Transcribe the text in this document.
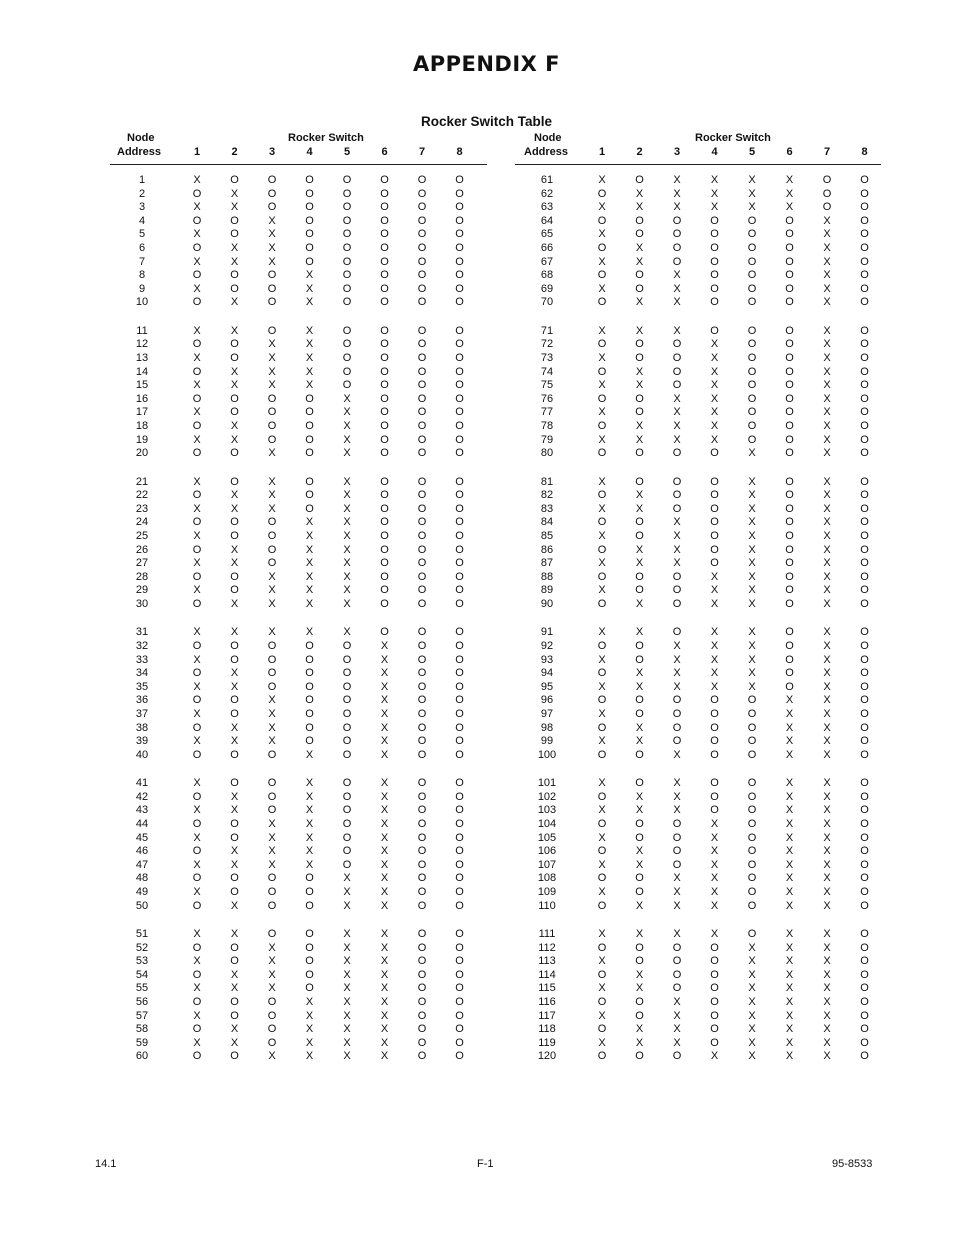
APPENDIX F
Rocker Switch Table
Node
Address
Rocker Switch
1	2	3	4	5	6	7	8
1	X	O	O	O	O	O	O	O
2	O	X	O	O	O	O	O	O
3	X	X	O	O	O	O	O	O
4	O	O	X	O	O	O	O	O
5	X	O	X	O	O	O	O	O
6	O	X	X	O	O	O	O	O
7	X	X	X	O	O	O	O	O
8	O	O	O	X	O	O	O	O
9	X	O	O	X	O	O	O	O
10	O	X	O	X	O	O	O	O
11	X	X	O	X	O	O	O	O
12	O	O	X	X	O	O	O	O
13	X	O	X	X	O	O	O	O
14	O	X	X	X	O	O	O	O
15	X	X	X	X	O	O	O	O
16	O	O	O	O	X	O	O	O
17	X	O	O	O	X	O	O	O
18	O	X	O	O	X	O	O	O
19	X	X	O	O	X	O	O	O
20	O	O	X	O	X	O	O	O
21	X	O	X	O	X	O	O	O
22	O	X	X	O	X	O	O	O
23	X	X	X	O	X	O	O	O
24	O	O	O	X	X	O	O	O
25	X	O	O	X	X	O	O	O
26	O	X	O	X	X	O	O	O
27	X	X	O	X	X	O	O	O
28	O	O	X	X	X	O	O	O
29	X	O	X	X	X	O	O	O
30	O	X	X	X	X	O	O	O
31	X	X	X	X	X	O	O	O
32	O	O	O	O	O	X	O	O
33	X	O	O	O	O	X	O	O
34	O	X	O	O	O	X	O	O
35	X	X	O	O	O	X	O	O
36	O	O	X	O	O	X	O	O
37	X	O	X	O	O	X	O	O
38	O	X	X	O	O	X	O	O
39	X	X	X	O	O	X	O	O
40	O	O	O	X	O	X	O	O
41	X	O	O	X	O	X	O	O
42	O	X	O	X	O	X	O	O
43	X	X	O	X	O	X	O	O
44	O	O	X	X	O	X	O	O
45	X	O	X	X	O	X	O	O
46	O	X	X	X	O	X	O	O
47	X	X	X	X	O	X	O	O
48	O	O	O	O	X	X	O	O
49	X	O	O	O	X	X	O	O
50	O	X	O	O	X	X	O	O
51	X	X	O	O	X	X	O	O
52	O	O	X	O	X	X	O	O
53	X	O	X	O	X	X	O	O
54	O	X	X	O	X	X	O	O
55	X	X	X	O	X	X	O	O
56	O	O	O	X	X	X	O	O
57	X	O	O	X	X	X	O	O
58	O	X	O	X	X	X	O	O
59	X	X	O	X	X	X	O	O
60	O	O	X	X	X	X	O	O
Node
Address
Rocker Switch
1	2	3	4	5	6	7	8
61	X	O	X	X	X	X	O	O
62	O	X	X	X	X	X	O	O
63	X	X	X	X	X	X	O	O
64	O	O	O	O	O	O	X	O
65	X	O	O	O	O	O	X	O
66	O	X	O	O	O	O	X	O
67	X	X	O	O	O	O	X	O
68	O	O	X	O	O	O	X	O
69	X	O	X	O	O	O	X	O
70	O	X	X	O	O	O	X	O
71	X	X	X	O	O	O	X	O
72	O	O	O	X	O	O	X	O
73	X	O	O	X	O	O	X	O
74	O	X	O	X	O	O	X	O
75	X	X	O	X	O	O	X	O
76	O	O	X	X	O	O	X	O
77	X	O	X	X	O	O	X	O
78	O	X	X	X	O	O	X	O
79	X	X	X	X	O	O	X	O
80	O	O	O	O	X	O	X	O
81	X	O	O	O	X	O	X	O
82	O	X	O	O	X	O	X	O
83	X	X	O	O	X	O	X	O
84	O	O	X	O	X	O	X	O
85	X	O	X	O	X	O	X	O
86	O	X	X	O	X	O	X	O
87	X	X	X	O	X	O	X	O
88	O	O	O	X	X	O	X	O
89	X	O	O	X	X	O	X	O
90	O	X	O	X	X	O	X	O
91	X	X	O	X	X	O	X	O
92	O	O	X	X	X	O	X	O
93	X	O	X	X	X	O	X	O
94	O	X	X	X	X	O	X	O
95	X	X	X	X	X	O	X	O
96	O	O	O	O	O	X	X	O
97	X	O	O	O	O	X	X	O
98	O	X	O	O	O	X	X	O
99	X	X	O	O	O	X	X	O
100	O	O	X	O	O	X	X	O
101	X	O	X	O	O	X	X	O
102	O	X	X	O	O	X	X	O
103	X	X	X	O	O	X	X	O
104	O	O	O	X	O	X	X	O
105	X	O	O	X	O	X	X	O
106	O	X	O	X	O	X	X	O
107	X	X	O	X	O	X	X	O
108	O	O	X	X	O	X	X	O
109	X	O	X	X	O	X	X	O
110	O	X	X	X	O	X	X	O
111	X	X	X	X	O	X	X	O
112	O	O	O	O	X	X	X	O
113	X	O	O	O	X	X	X	O
114	O	X	O	O	X	X	X	O
115	X	X	O	O	X	X	X	O
116	O	O	X	O	X	X	X	O
117	X	O	X	O	X	X	X	O
118	O	X	X	O	X	X	X	O
119	X	X	X	O	X	X	X	O
120	O	O	O	X	X	X	X	O
14.1	F-1	95-8533
